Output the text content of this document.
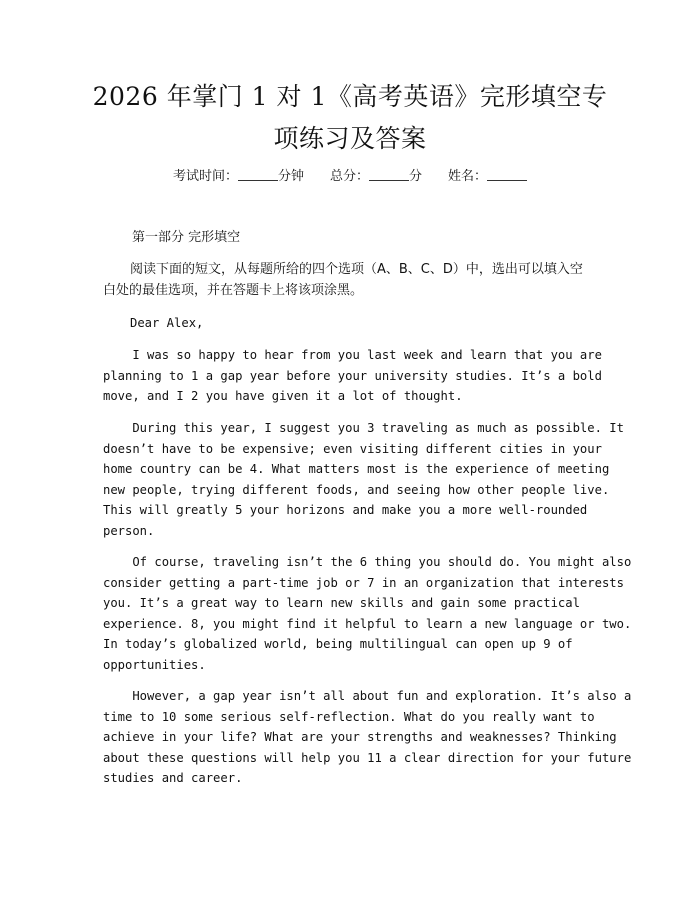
2026 年掌门 1 对 1《高考英语》完形填空专
项练习及答案
考试时间：	分钟 总分：	分 姓名：
第一部分 完形填空
阅读下面的短文，从每题所给的四个选项（A、B、C、D）中，选出可以填入空
白处的最佳选项，并在答题卡上将该项涂黑。
Dear Alex,
I was so happy to hear from you last week and learn that you are
planning to 1 a gap year before your university studies. It’s a bold
move, and I 2 you have given it a lot of thought.
During this year, I suggest you 3 traveling as much as possible. It
doesn’t have to be expensive; even visiting different cities in your
home country can be 4. What matters most is the experience of meeting
new people, trying different foods, and seeing how other people live.
This will greatly 5 your horizons and make you a more well-rounded
person.
Of course, traveling isn’t the 6 thing you should do. You might also
consider getting a part-time job or 7 in an organization that interests
you. It’s a great way to learn new skills and gain some practical
experience. 8, you might find it helpful to learn a new language or two.
In today’s globalized world, being multilingual can open up 9 of
opportunities.
However, a gap year isn’t all about fun and exploration. It’s also a
time to 10 some serious self-reflection. What do you really want to
achieve in your life? What are your strengths and weaknesses? Thinking
about these questions will help you 11 a clear direction for your future
studies and career.
